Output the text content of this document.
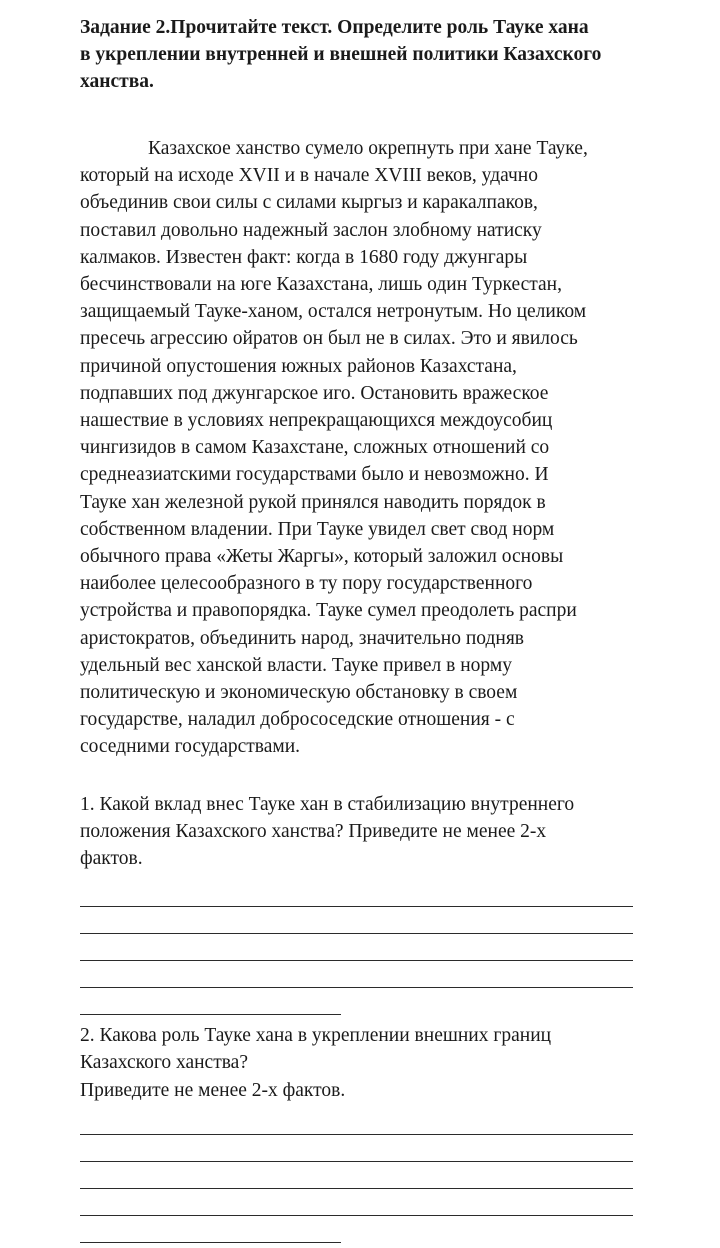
Задание 2.Прочитайте текст. Определите роль Тауке хана
в укреплении внутренней и внешней политики Казахского
ханства.
Казахское ханство сумело окрепнуть при хане Тауке,
который на исходе XVII и в начале XVIII веков, удачно
объединив свои силы с силами кыргыз и каракалпаков,
поставил довольно надежный заслон злобному натиску
калмаков. Известен факт: когда в 1680 году джунгары
бесчинствовали на юге Казахстана, лишь один Туркестан,
защищаемый Тауке-ханом, остался нетронутым. Но целиком
пресечь агрессию ойратов он был не в силах. Это и явилось
причиной опустошения южных районов Казахстана,
подпавших под джунгарское иго. Остановить вражеское
нашествие в условиях непрекращающихся междоусобиц
чингизидов в самом Казахстане, сложных отношений со
среднеазиатскими государствами было и невозможно. И
Тауке хан железной рукой принялся наводить порядок в
собственном владении. При Тауке увидел свет свод норм
обычного права «Жеты Жаргы», который заложил основы
наиболее целесообразного в ту пору государственного
устройства и правопорядка. Тауке сумел преодолеть распри
аристократов, объединить народ, значительно подняв
удельный вес ханской власти. Тауке привел в норму
политическую и экономическую обстановку в своем
государстве, наладил добрососедские отношения - с
соседними государствами.
1. Какой вклад внес Тауке хан в стабилизацию внутреннего
положения Казахского ханства? Приведите не менее 2-х
фактов.
2. Какова роль Тауке хана в укреплении внешних границ
Казахского ханства?
Приведите не менее 2-х фактов.
